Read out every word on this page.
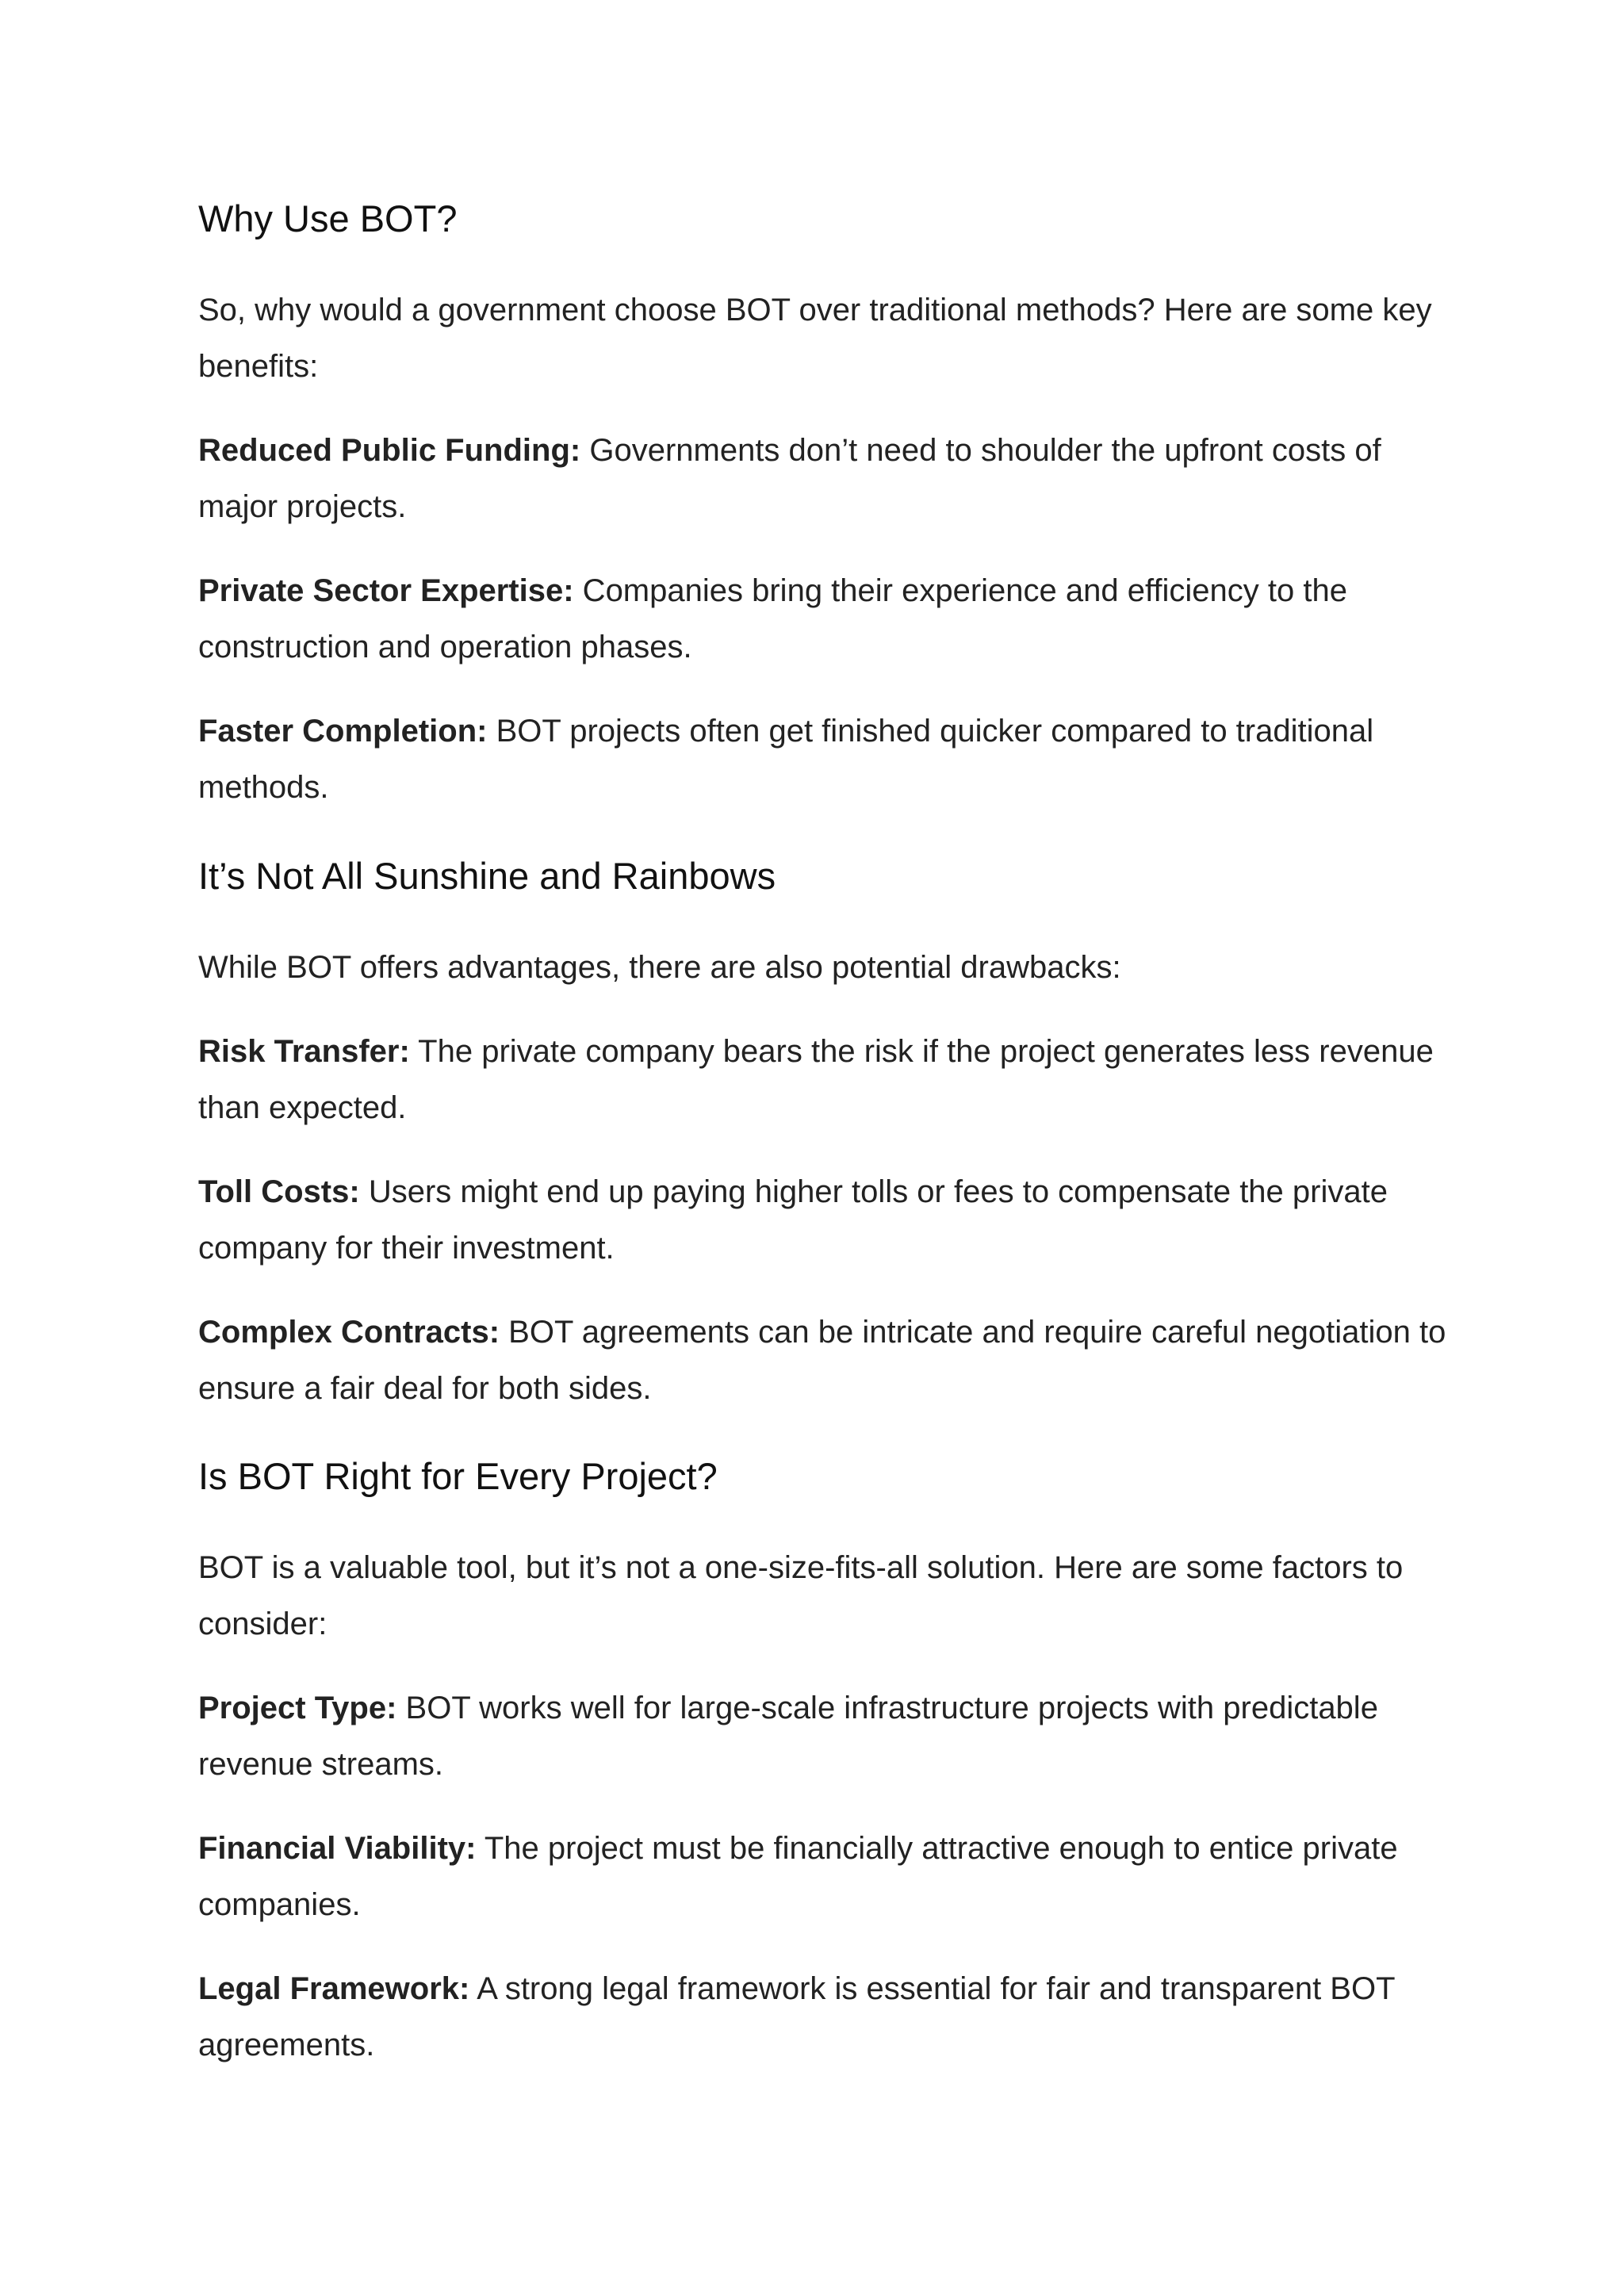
Why Use BOT?

So, why would a government choose BOT over traditional methods? Here are some key benefits:

Reduced Public Funding: Governments don’t need to shoulder the upfront costs of major projects.

Private Sector Expertise: Companies bring their experience and efficiency to the construction and operation phases.

Faster Completion: BOT projects often get finished quicker compared to traditional methods.

It’s Not All Sunshine and Rainbows

While BOT offers advantages, there are also potential drawbacks:

Risk Transfer: The private company bears the risk if the project generates less revenue than expected.

Toll Costs: Users might end up paying higher tolls or fees to compensate the private company for their investment.

Complex Contracts: BOT agreements can be intricate and require careful negotiation to ensure a fair deal for both sides.

Is BOT Right for Every Project?

BOT is a valuable tool, but it’s not a one-size-fits-all solution. Here are some factors to consider:

Project Type: BOT works well for large-scale infrastructure projects with predictable revenue streams.

Financial Viability: The project must be financially attractive enough to entice private companies.

Legal Framework: A strong legal framework is essential for fair and transparent BOT agreements.
